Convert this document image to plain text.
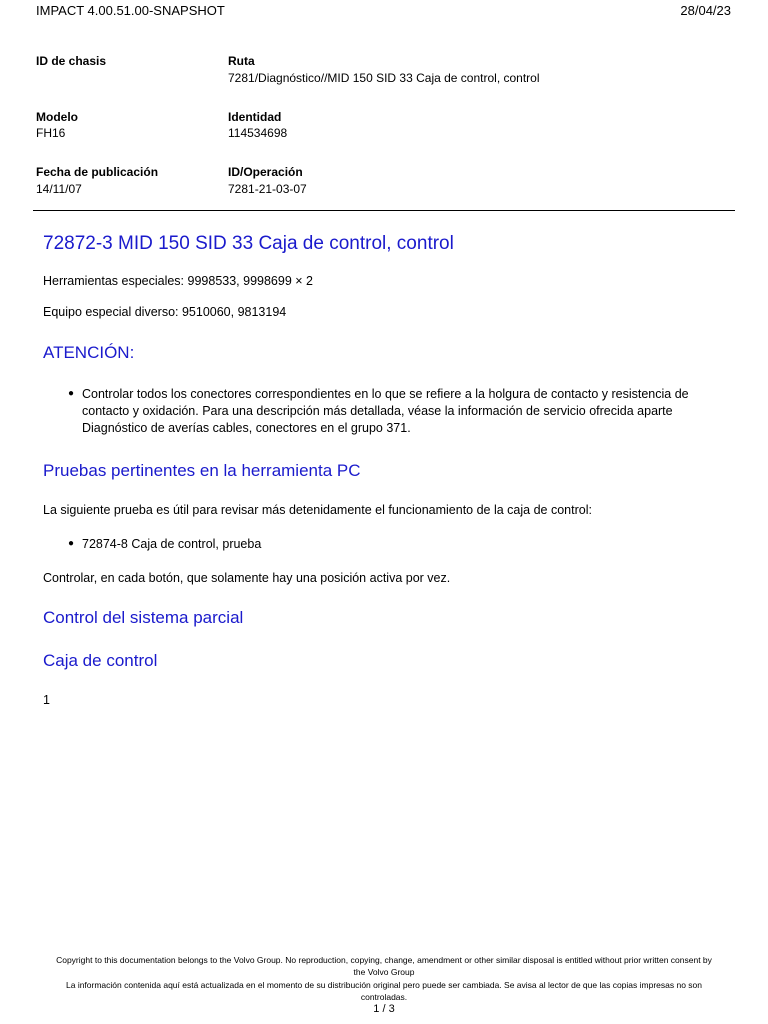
IMPACT 4.00.51.00-SNAPSHOT	28/04/23
ID de chasis	Ruta
7281/Diagnóstico//MID 150 SID 33 Caja de control, control
Modelo
FH16
Identidad
114534698
Fecha de publicación
14/11/07
ID/Operación
7281-21-03-07
72872-3 MID 150 SID 33 Caja de control, control
Herramientas especiales: 9998533, 9998699 × 2
Equipo especial diverso: 9510060, 9813194
ATENCIÓN:
● Controlar todos los conectores correspondientes en lo que se refiere a la holgura de contacto y resistencia de
contacto y oxidación. Para una descripción más detallada, véase la información de servicio ofrecida aparte
Diagnóstico de averías cables, conectores en el grupo 371.
Pruebas pertinentes en la herramienta PC
La siguiente prueba es útil para revisar más detenidamente el funcionamiento de la caja de control:
● 72874-8 Caja de control, prueba
Controlar, en cada botón, que solamente hay una posición activa por vez.
Control del sistema parcial
Caja de control
1
Copyright to this documentation belongs to the Volvo Group. No reproduction, copying, change, amendment or other similar disposal is entitled without prior written consent by
the Volvo Group
La información contenida aquí está actualizada en el momento de su distribución original pero puede ser cambiada. Se avisa al lector de que las copias impresas no son
controladas.
1 / 3
